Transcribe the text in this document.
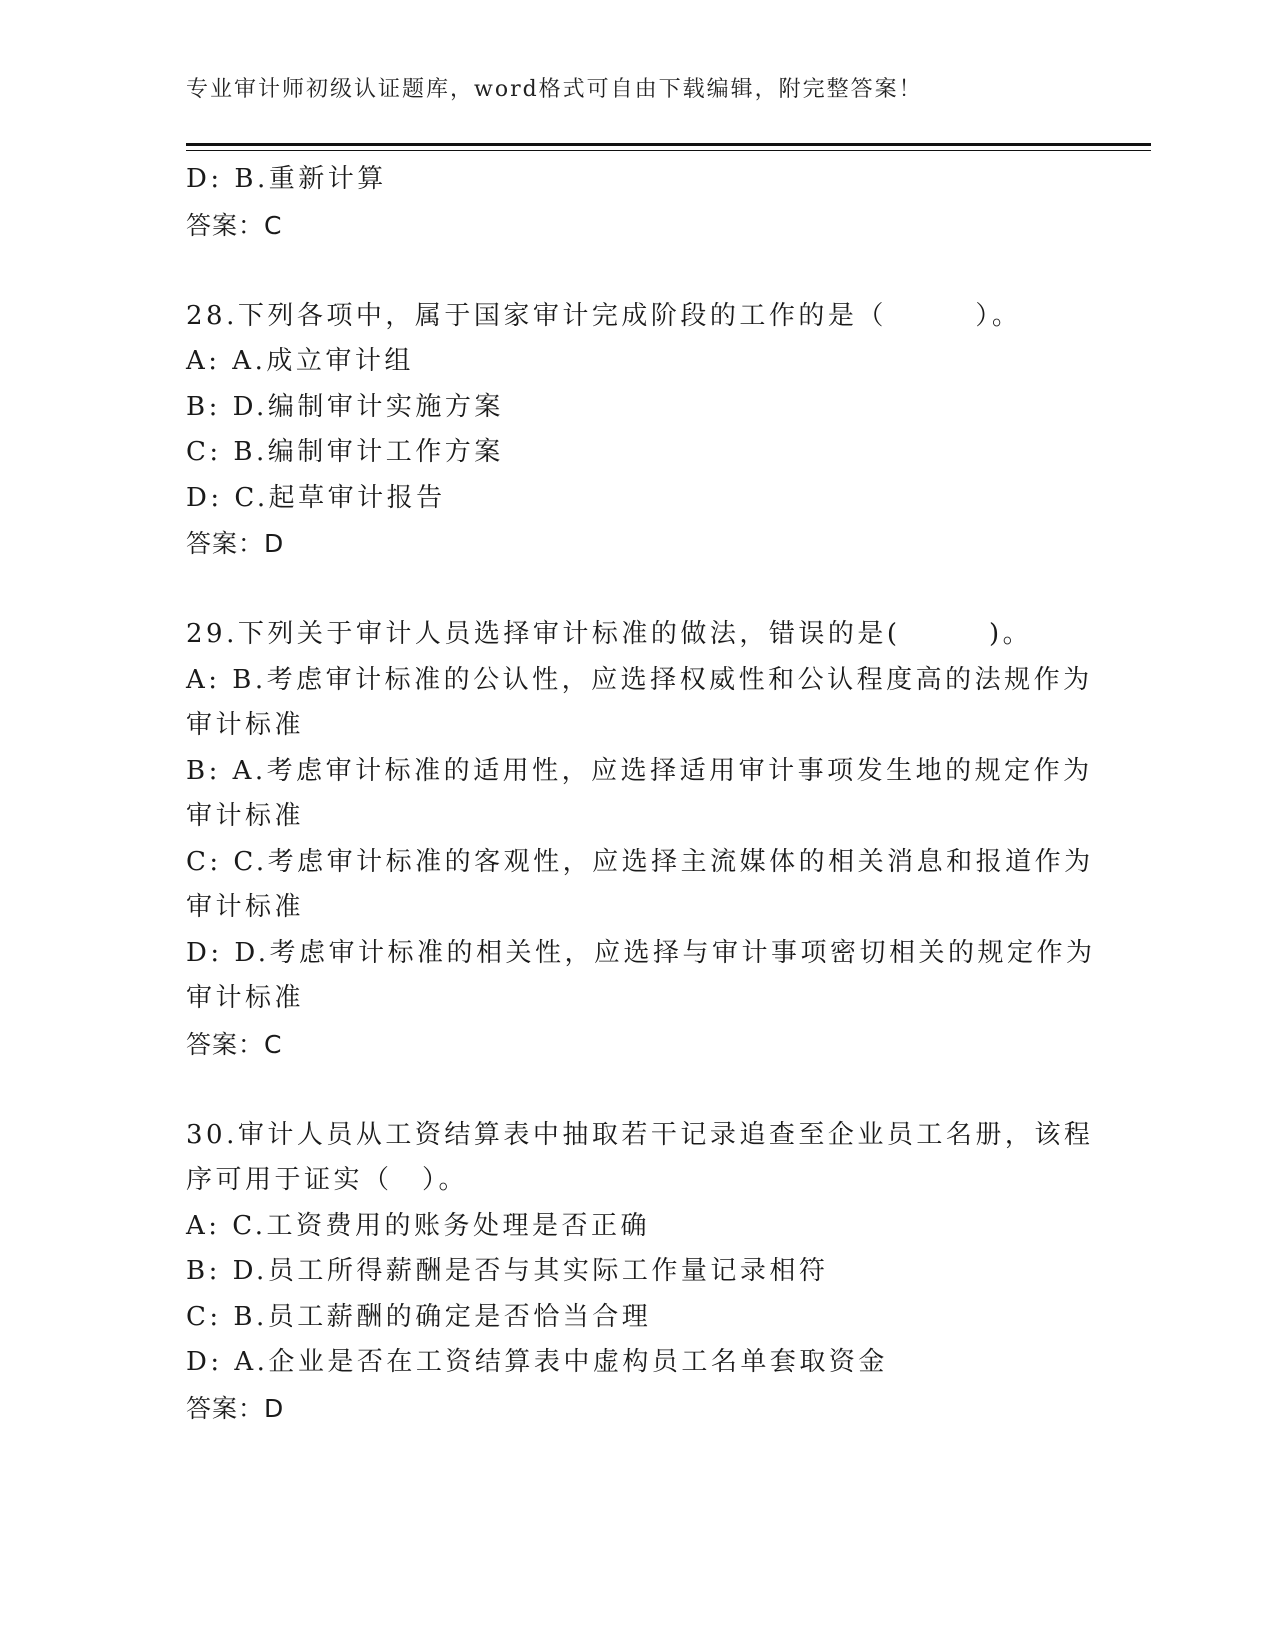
专业审计师初级认证题库，word格式可自由下载编辑，附完整答案！
D: B.重新计算
答案：C
28.下列各项中，属于国家审计完成阶段的工作的是（　　　）。
A: A.成立审计组
B: D.编制审计实施方案
C: B.编制审计工作方案
D: C.起草审计报告
答案：D
29.下列关于审计人员选择审计标准的做法，错误的是(　　　)。
A: B.考虑审计标准的公认性，应选择权威性和公认程度高的法规作为
审计标准
B: A.考虑审计标准的适用性，应选择适用审计事项发生地的规定作为
审计标准
C: C.考虑审计标准的客观性，应选择主流媒体的相关消息和报道作为
审计标准
D: D.考虑审计标准的相关性，应选择与审计事项密切相关的规定作为
审计标准
答案：C
30.审计人员从工资结算表中抽取若干记录追查至企业员工名册，该程
序可用于证实（　）。
A: C.工资费用的账务处理是否正确
B: D.员工所得薪酬是否与其实际工作量记录相符
C: B.员工薪酬的确定是否恰当合理
D: A.企业是否在工资结算表中虚构员工名单套取资金
答案：D
